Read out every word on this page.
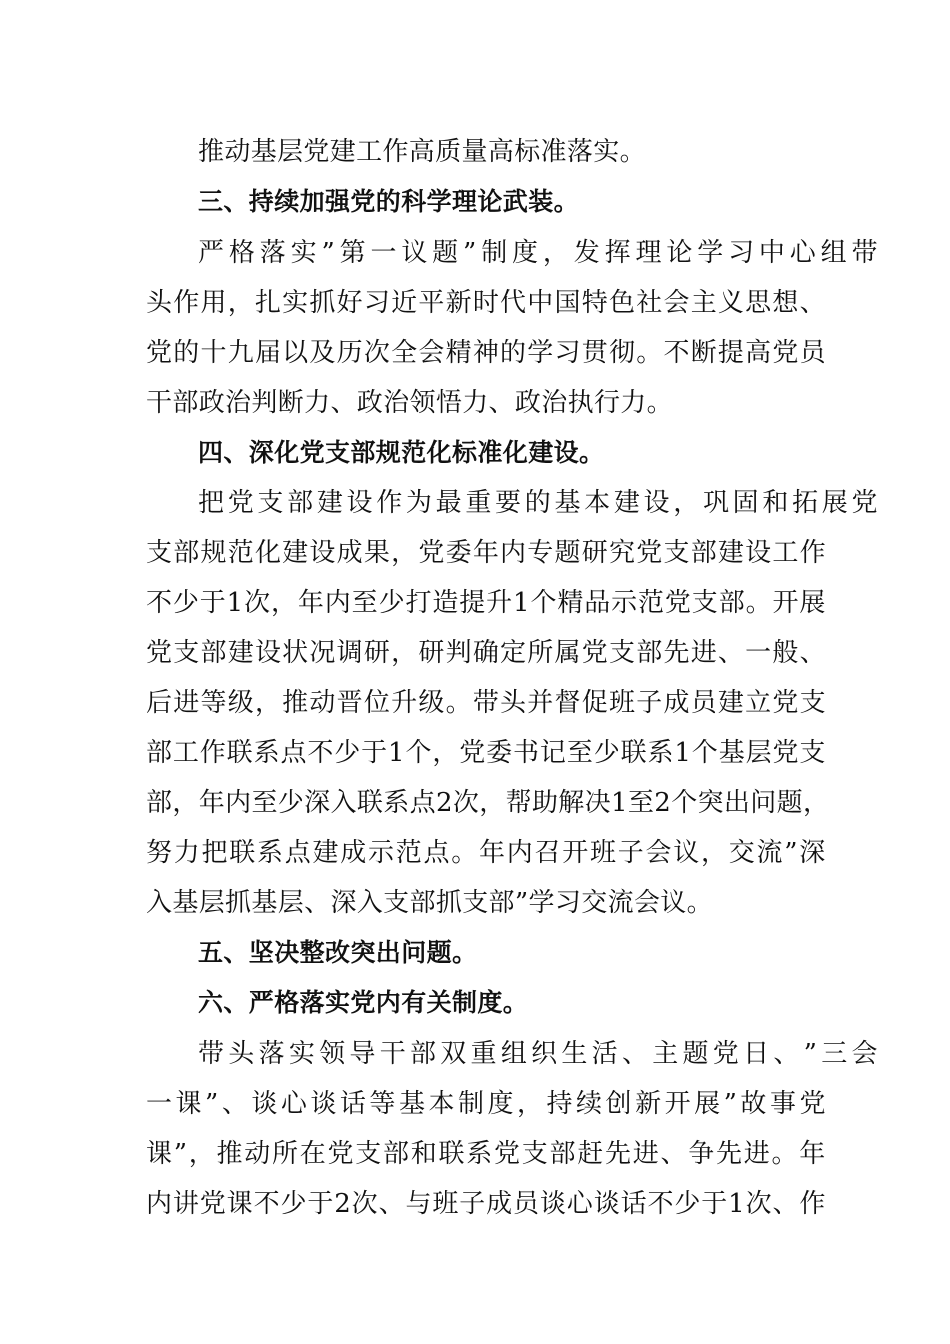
推动基层党建工作高质量高标准落实。
三、持续加强党的科学理论武装。
严 格 落 实 ” 第 一 议 题 ” 制 度 ， 发 挥 理 论 学 习 中 心 组 带
头 作 用 ， 扎 实 抓 好 习 近 平 新 时 代 中 国 特 色 社 会 主 义 思 想 、
党 的 十 九 届 以 及 历 次 全 会 精 神 的 学 习 贯 彻 。 不 断 提 高 党 员
干部政治判断力、政治领悟力、政治执行力。
四、深化党支部规范化标准化建设。
把 党 支 部 建 设 作 为 最 重 要 的 基 本 建 设 ， 巩 固 和 拓 展 党
支 部 规 范 化 建 设 成 果 ， 党 委 年 内 专 题 研 究 党 支 部 建 设 工 作
不 少 于 1 次 ， 年 内 至 少 打 造 提 升 1 个 精 品 示 范 党 支 部 。 开 展
党 支 部 建 设 状 况 调 研 ， 研 判 确 定 所 属 党 支 部 先 进 、 一 般 、
后 进 等 级 ， 推 动 晋 位 升 级 。 带 头 并 督 促 班 子 成 员 建 立 党 支
部 工 作 联 系 点 不 少 于 1 个 ， 党 委 书 记 至 少 联 系 1 个 基 层 党 支
部 ， 年 内 至 少 深 入 联 系 点 2 次 ， 帮 助 解 决 1 至 2 个 突 出 问 题 ，
努 力 把 联 系 点 建 成 示 范 点 。 年 内 召 开 班 子 会 议 ， 交 流 ” 深
入基层抓基层、深入支部抓支部”学习交流会议。
五、坚决整改突出问题。
六、严格落实党内有关制度。
带 头 落 实 领 导 干 部 双 重 组 织 生 活 、 主 题 党 日 、 ” 三 会
一 课 ” 、 谈 心 谈 话 等 基 本 制 度 ， 持 续 创 新 开 展 ” 故 事 党
课 ” ， 推 动 所 在 党 支 部 和 联 系 党 支 部 赶 先 进 、 争 先 进 。 年
内 讲 党 课 不 少 于 2 次 、 与 班 子 成 员 谈 心 谈 话 不 少 于 1 次 、 作
